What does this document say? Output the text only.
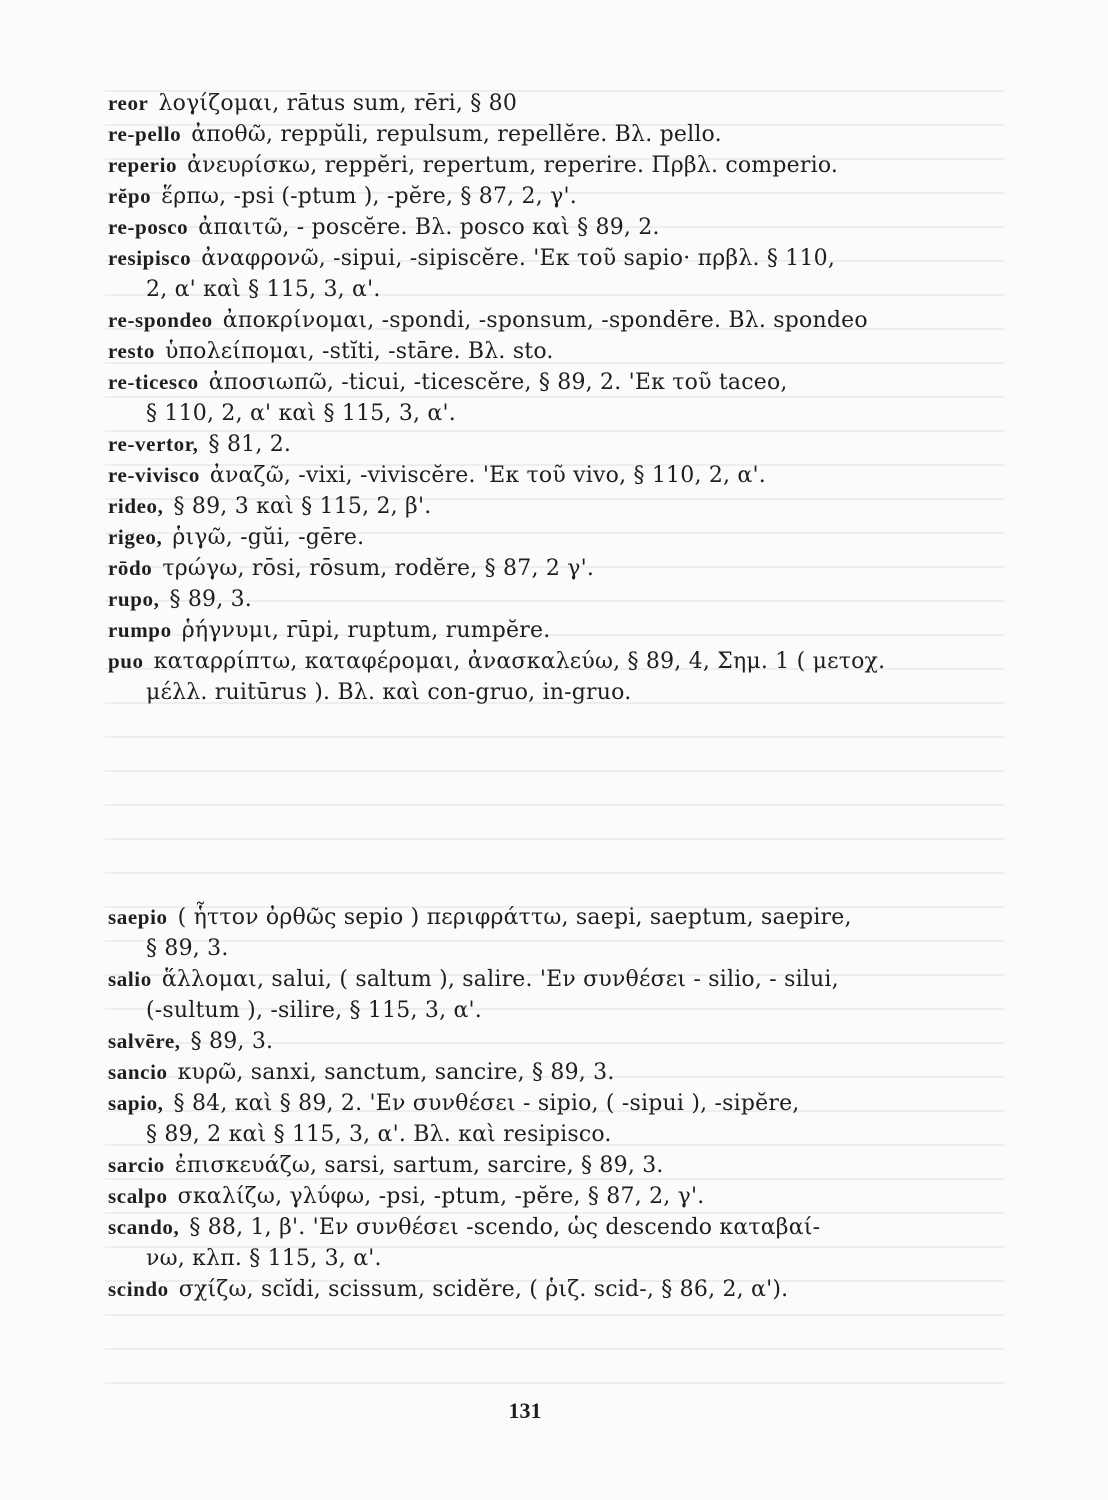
reor λογίζομαι, rātus sum, rēri, § 80
re-pello ἀποθῶ, reppŭli, repulsum, repellĕre. Βλ. pello.
reperio ἀνευρίσκω, reppĕri, repertum, reperire. Πρβλ. comperio.
rĕpo ἕρπω, -psi (-ptum ), -pĕre, § 87, 2, γ'.
re-posco ἀπαιτῶ, - poscĕre. Βλ. posco καὶ § 89, 2.
resipisco ἀναφρονῶ, -sipui, -sipiscĕre. 'Εκ τοῦ sapio· πρβλ. § 110,
2, α' καὶ § 115, 3, α'.
re-spondeo ἀποκρίνομαι, -spondi, -sponsum, -spondēre. Βλ. spondeo
resto ὑπολείπομαι, -stĭti, -stāre. Βλ. sto.
re-ticesco ἀποσιωπῶ, -ticui, -ticescĕre, § 89, 2. 'Εκ τοῦ taceo,
§ 110, 2, α' καὶ § 115, 3, α'.
re-vertor, § 81, 2.
re-vivisco ἀναζῶ, -vixi, -viviscĕre. 'Εκ τοῦ vivo, § 110, 2, α'.
rideo, § 89, 3 καὶ § 115, 2, β'.
rigeo, ῥιγῶ, -gŭi, -gēre.
rōdo τρώγω, rōsi, rōsum, rodĕre, § 87, 2 γ'.
rupo, § 89, 3.
rumpo ῥήγνυμι, rūpi, ruptum, rumpĕre.
puo καταρρίπτω, καταφέρομαι, ἀνασκαλεύω, § 89, 4, Σημ. 1 ( μετοχ.
μέλλ. ruitūrus ). Βλ. καὶ con-gruo, in-gruo.
saepio ( ἧττον ὀρθῶς sepio ) περιφράττω, saepi, saeptum, saepire,
§ 89, 3.
salio ἅλλομαι, salui, ( saltum ), salire. 'Εν συνθέσει - silio, - silui,
(-sultum ), -silire, § 115, 3, α'.
salvēre, § 89, 3.
sancio κυρῶ, sanxi, sanctum, sancire, § 89, 3.
sapio, § 84, καὶ § 89, 2. 'Εν συνθέσει - sipio, ( -sipui ), -sipĕre,
§ 89, 2 καὶ § 115, 3, α'. Βλ. καὶ resipisco.
sarcio ἐπισκευάζω, sarsi, sartum, sarcire, § 89, 3.
scalpo σκαλίζω, γλύφω, -psi, -ptum, -pĕre, § 87, 2, γ'.
scando, § 88, 1, β'. 'Εν συνθέσει -scendo, ὡς descendo καταβαί-
νω, κλπ. § 115, 3, α'.
scindo σχίζω, scĭdi, scissum, scidĕre, ( ῥιζ. scid-, § 86, 2, α').
131
